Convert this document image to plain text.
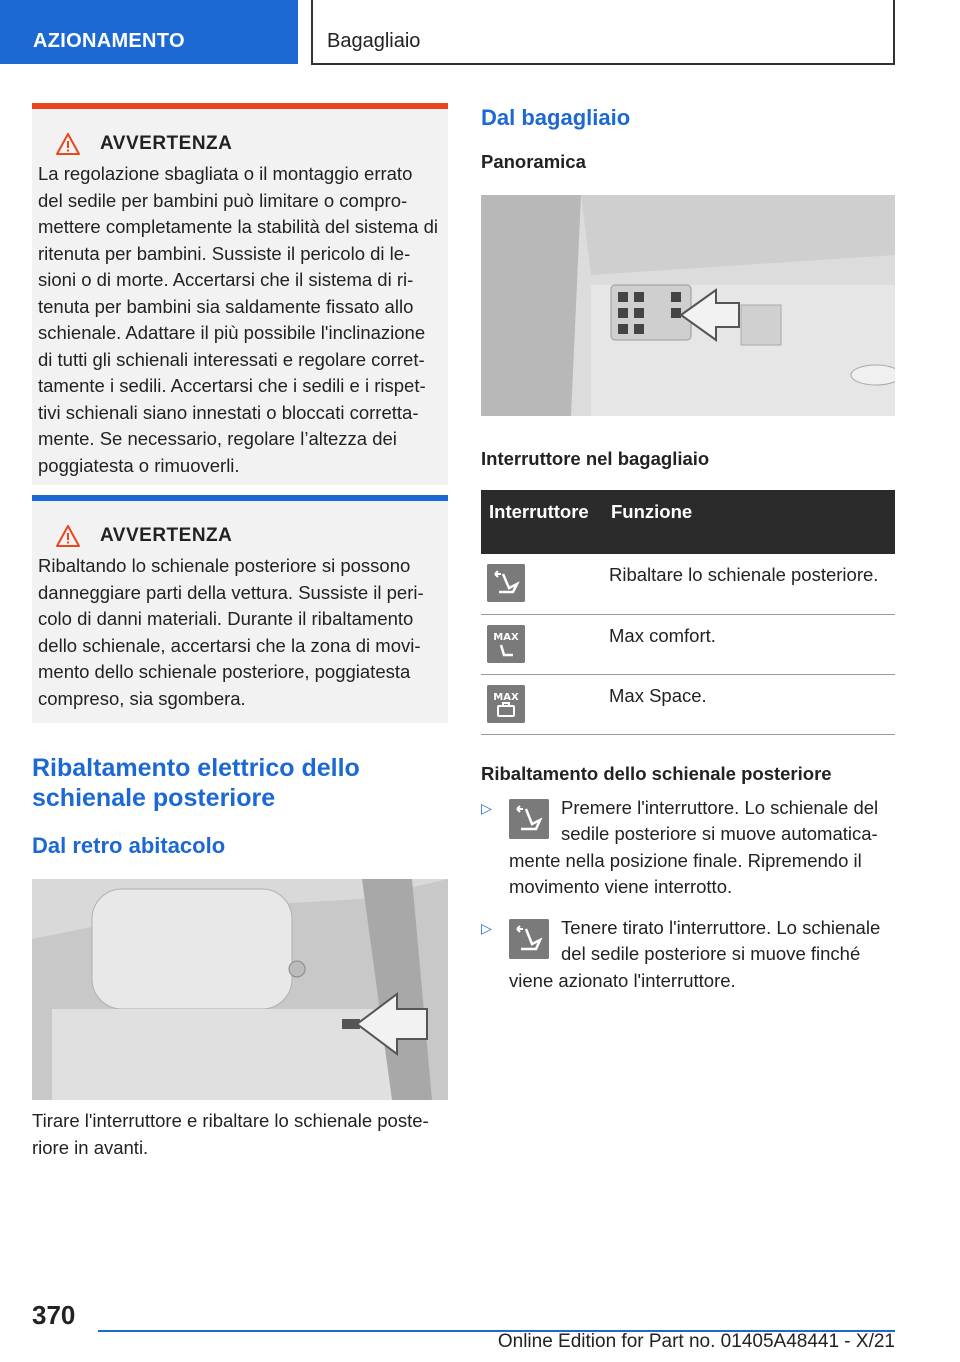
AZIONAMENTO	Bagagliaio
AVVERTENZA
La regolazione sbagliata o il montaggio errato del sedile per bambini può limitare o compromettere completamente la stabilità del sistema di ritenuta per bambini. Sussiste il pericolo di lesioni o di morte. Accertarsi che il sistema di ritenuta per bambini sia saldamente fissato allo schienale. Adattare il più possibile l'inclinazione di tutti gli schienali interessati e regolare correttamente i sedili. Accertarsi che i sedili e i rispettivi schienali siano innestati o bloccati correttamente. Se necessario, regolare l’altezza dei poggiatesta o rimuoverli.
AVVERTENZA
Ribaltando lo schienale posteriore si possono danneggiare parti della vettura. Sussiste il pericolo di danni materiali. Durante il ribaltamento dello schienale, accertarsi che la zona di movimento dello schienale posteriore, poggiatesta compreso, sia sgombera.
Ribaltamento elettrico dello schienale posteriore
Dal retro abitacolo
Tirare l'interruttore e ribaltare lo schienale posteriore in avanti.
Dal bagagliaio
Panoramica
Interruttore nel bagagliaio
Interruttore	Funzione

	Ribaltare lo schienale posteriore.

MAX	Max comfort.

MAX	Max Space.
Ribaltamento dello schienale posteriore
▷	Premere l'interruttore. Lo schienale del sedile posteriore si muove automaticamente nella posizione finale. Ripremendo il movimento viene interrotto.
▷	Tenere tirato l'interruttore. Lo schienale del sedile posteriore si muove finché viene azionato l'interruttore.
370
Online Edition for Part no. 01405A48441 - X/21
